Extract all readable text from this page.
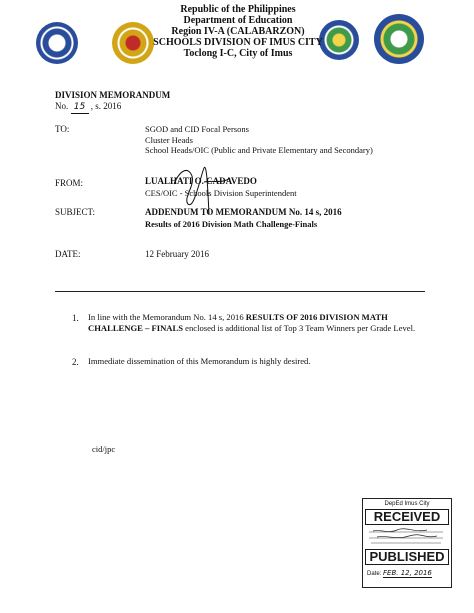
Republic of the Philippines
Department of Education
Region IV-A (CALABARZON)
SCHOOLS DIVISION OF IMUS CITY
Toclong I-C, City of Imus
DIVISION MEMORANDUM
No. 15 , s. 2016
TO:	SGOD and CID Focal Persons
Cluster Heads
School Heads/OIC (Public and Private Elementary and Secondary)
FROM:	LUALHATI O. CADAVEDO
CES/OIC - Schools Division Superintendent
SUBJECT:	ADDENDUM TO MEMORANDUM No. 14 s, 2016
Results of 2016 Division Math Challenge-Finals
DATE:	12 February 2016
1. In line with the Memorandum No. 14 s, 2016 RESULTS OF 2016 DIVISION MATH CHALLENGE – FINALS enclosed is additional list of Top 3 Team Winners per Grade Level.
2. Immediate dissemination of this Memorandum is highly desired.
cid/jpc
DepEd Imus City
RECEIVED
PUBLISHED
Date: FEB. 12, 2016
